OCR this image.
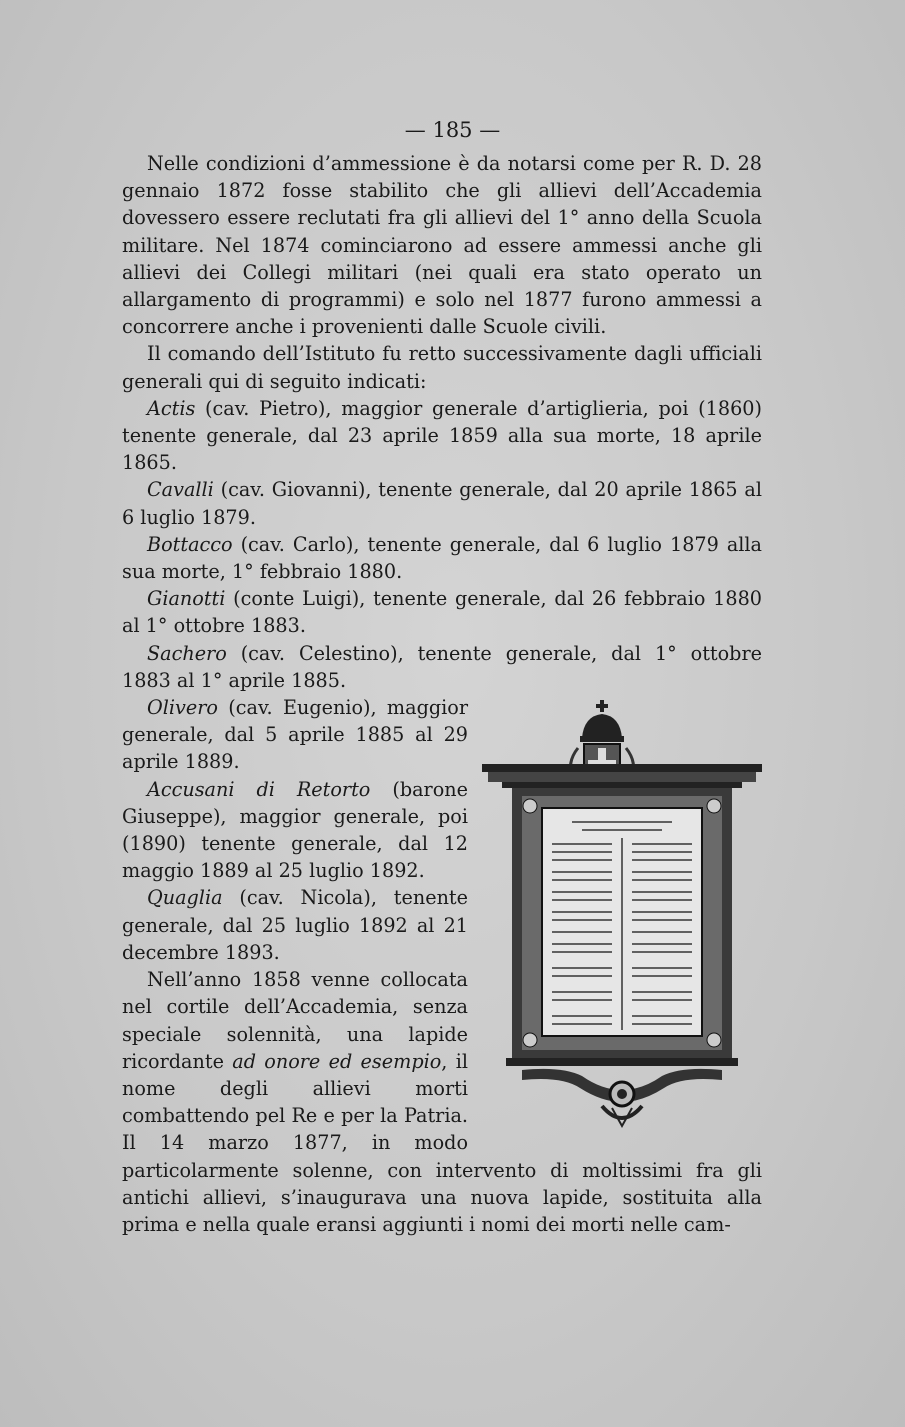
— 185 —

Nelle condizioni d’ammessione è da notarsi come per R. D. 28 gennaio 1872 fosse stabilito che gli allievi dell’Accademia dovessero essere reclutati fra gli allievi del 1° anno della Scuola militare. Nel 1874 cominciarono ad essere ammessi anche gli allievi dei Collegi militari (nei quali era stato operato un allargamento di programmi) e solo nel 1877 furono ammessi a concorrere anche i provenienti dalle Scuole civili.

Il comando dell’Istituto fu retto successivamente dagli ufficiali generali qui di seguito indicati:

Actis (cav. Pietro), maggior generale d’artiglieria, poi (1860) tenente generale, dal 23 aprile 1859 alla sua morte, 18 aprile 1865.

Cavalli (cav. Giovanni), tenente generale, dal 20 aprile 1865 al 6 luglio 1879.

Bottacco (cav. Carlo), tenente generale, dal 6 luglio 1879 alla sua morte, 1° febbraio 1880.

Gianotti (conte Luigi), tenente generale, dal 26 febbraio 1880 al 1° ottobre 1883.

Sachero (cav. Celestino), tenente generale, dal 1° ottobre 1883 al 1° aprile 1885.

Olivero (cav. Eugenio), maggior generale, dal 5 aprile 1885 al 29 aprile 1889.

Accusani di Retorto (barone Giuseppe), maggior generale, poi (1890) tenente generale, dal 12 maggio 1889 al 25 luglio 1892.

Quaglia (cav. Nicola), tenente generale, dal 25 luglio 1892 al 21 decembre 1893.

Nell’anno 1858 venne collocata nel cortile dell’Accademia, senza speciale solennità, una lapide ricordante ad onore ed esempio, il nome degli allievi morti combattendo pel Re e per la Patria. Il 14 marzo 1877, in modo particolarmente solenne, con intervento di moltissimi fra gli antichi allievi, s’inaugurava una nuova lapide, sostituita alla prima e nella quale eransi aggiunti i nomi dei morti nelle cam-
